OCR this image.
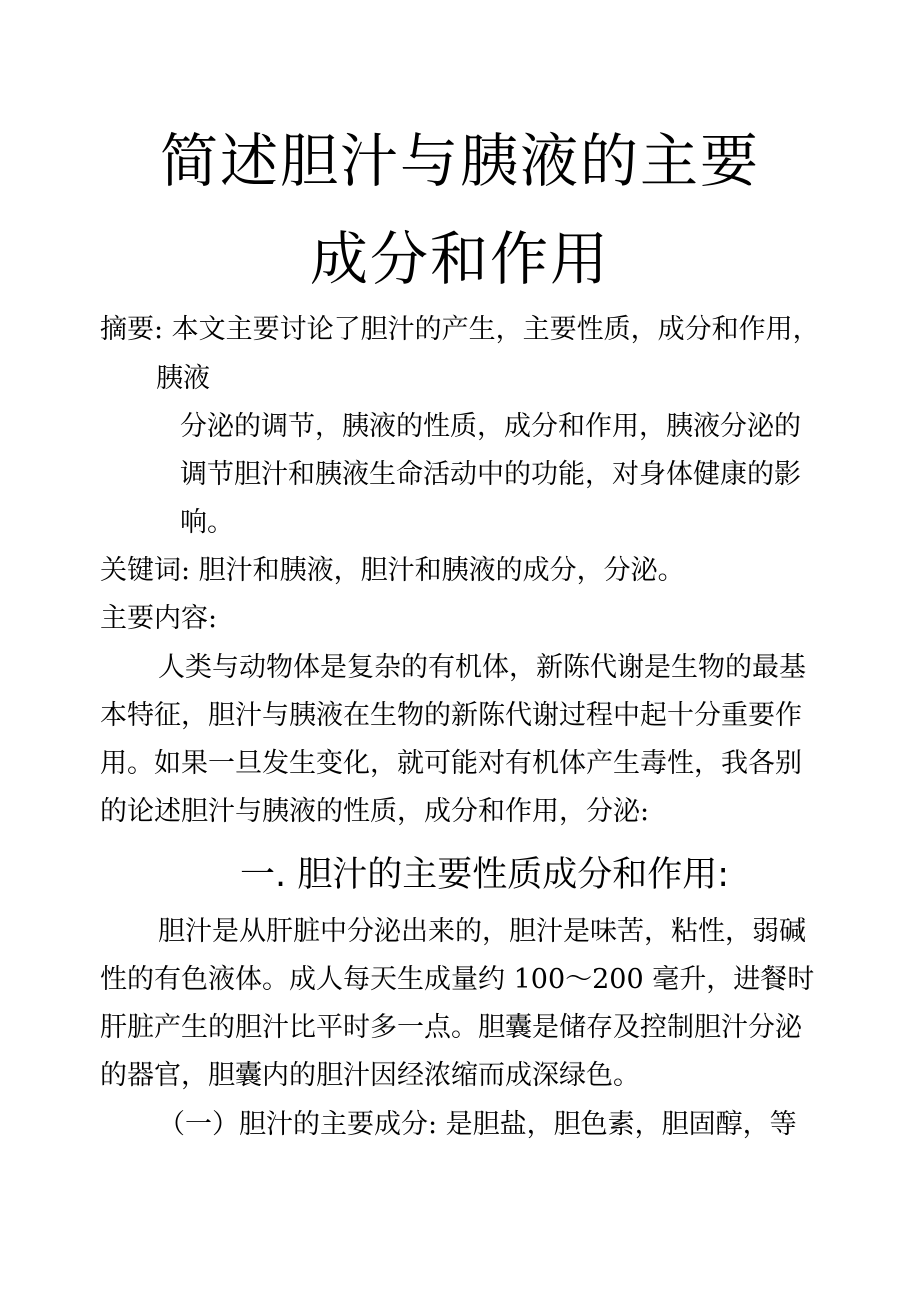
简述胆汁与胰液的主要
成分和作用
摘要: 本文主要讨论了胆汁的产生，主要性质，成分和作用，
胰液
分泌的调节，胰液的性质，成分和作用，胰液分泌的
调节胆汁和胰液生命活动中的功能，对身体健康的影
响。
关键词: 胆汁和胰液，胆汁和胰液的成分，分泌。
主要内容:
人类与动物体是复杂的有机体，新陈代谢是生物的最基
本特征，胆汁与胰液在生物的新陈代谢过程中起十分重要作
用。如果一旦发生变化，就可能对有机体产生毒性，我各别
的论述胆汁与胰液的性质，成分和作用，分泌:
一. 胆汁的主要性质成分和作用:
胆汁是从肝脏中分泌出来的，胆汁是味苦，粘性，弱碱
性的有色液体。成人每天生成量约 100～200 毫升，进餐时
肝脏产生的胆汁比平时多一点。胆囊是储存及控制胆汁分泌
的器官，胆囊内的胆汁因经浓缩而成深绿色。
（一）胆汁的主要成分: 是胆盐，胆色素，胆固醇，等
